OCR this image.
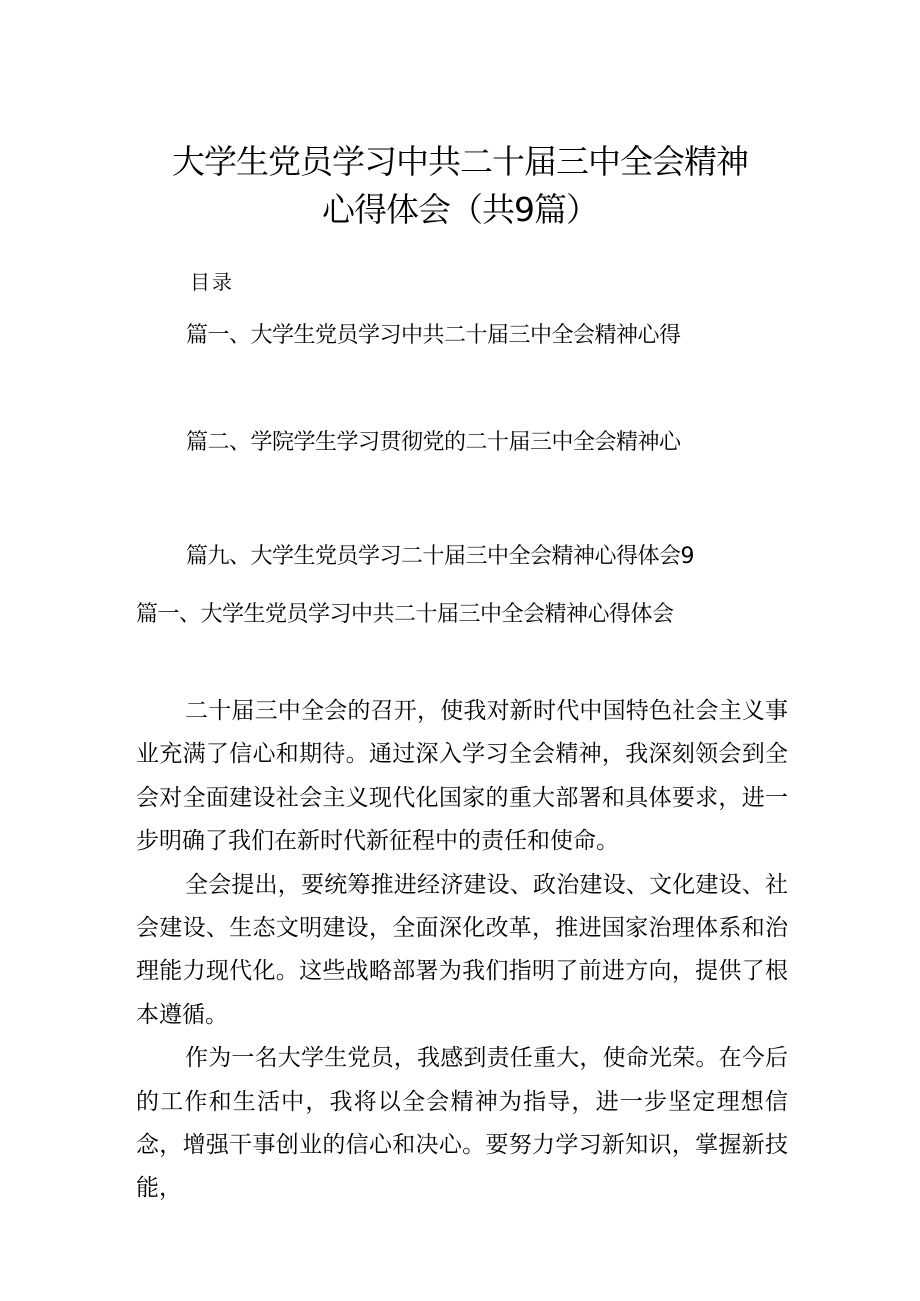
大学生党员学习中共二十届三中全会精神
心得体会（共9篇）
目录
篇一、大学生党员学习中共二十届三中全会精神心得
篇二、学院学生学习贯彻党的二十届三中全会精神心
篇九、大学生党员学习二十届三中全会精神心得体会9
篇一、大学生党员学习中共二十届三中全会精神心得体会

二十届三中全会的召开，使我对新时代中国特色社会主义事业充满了信心和期待。通过深入学习全会精神，我深刻领会到全会对全面建设社会主义现代化国家的重大部署和具体要求，进一步明确了我们在新时代新征程中的责任和使命。

全会提出，要统筹推进经济建设、政治建设、文化建设、社会建设、生态文明建设，全面深化改革，推进国家治理体系和治理能力现代化。这些战略部署为我们指明了前进方向，提供了根本遵循。

作为一名大学生党员，我感到责任重大，使命光荣。在今后的工作和生活中，我将以全会精神为指导，进一步坚定理想信念，增强干事创业的信心和决心。要努力学习新知识，掌握新技能，
